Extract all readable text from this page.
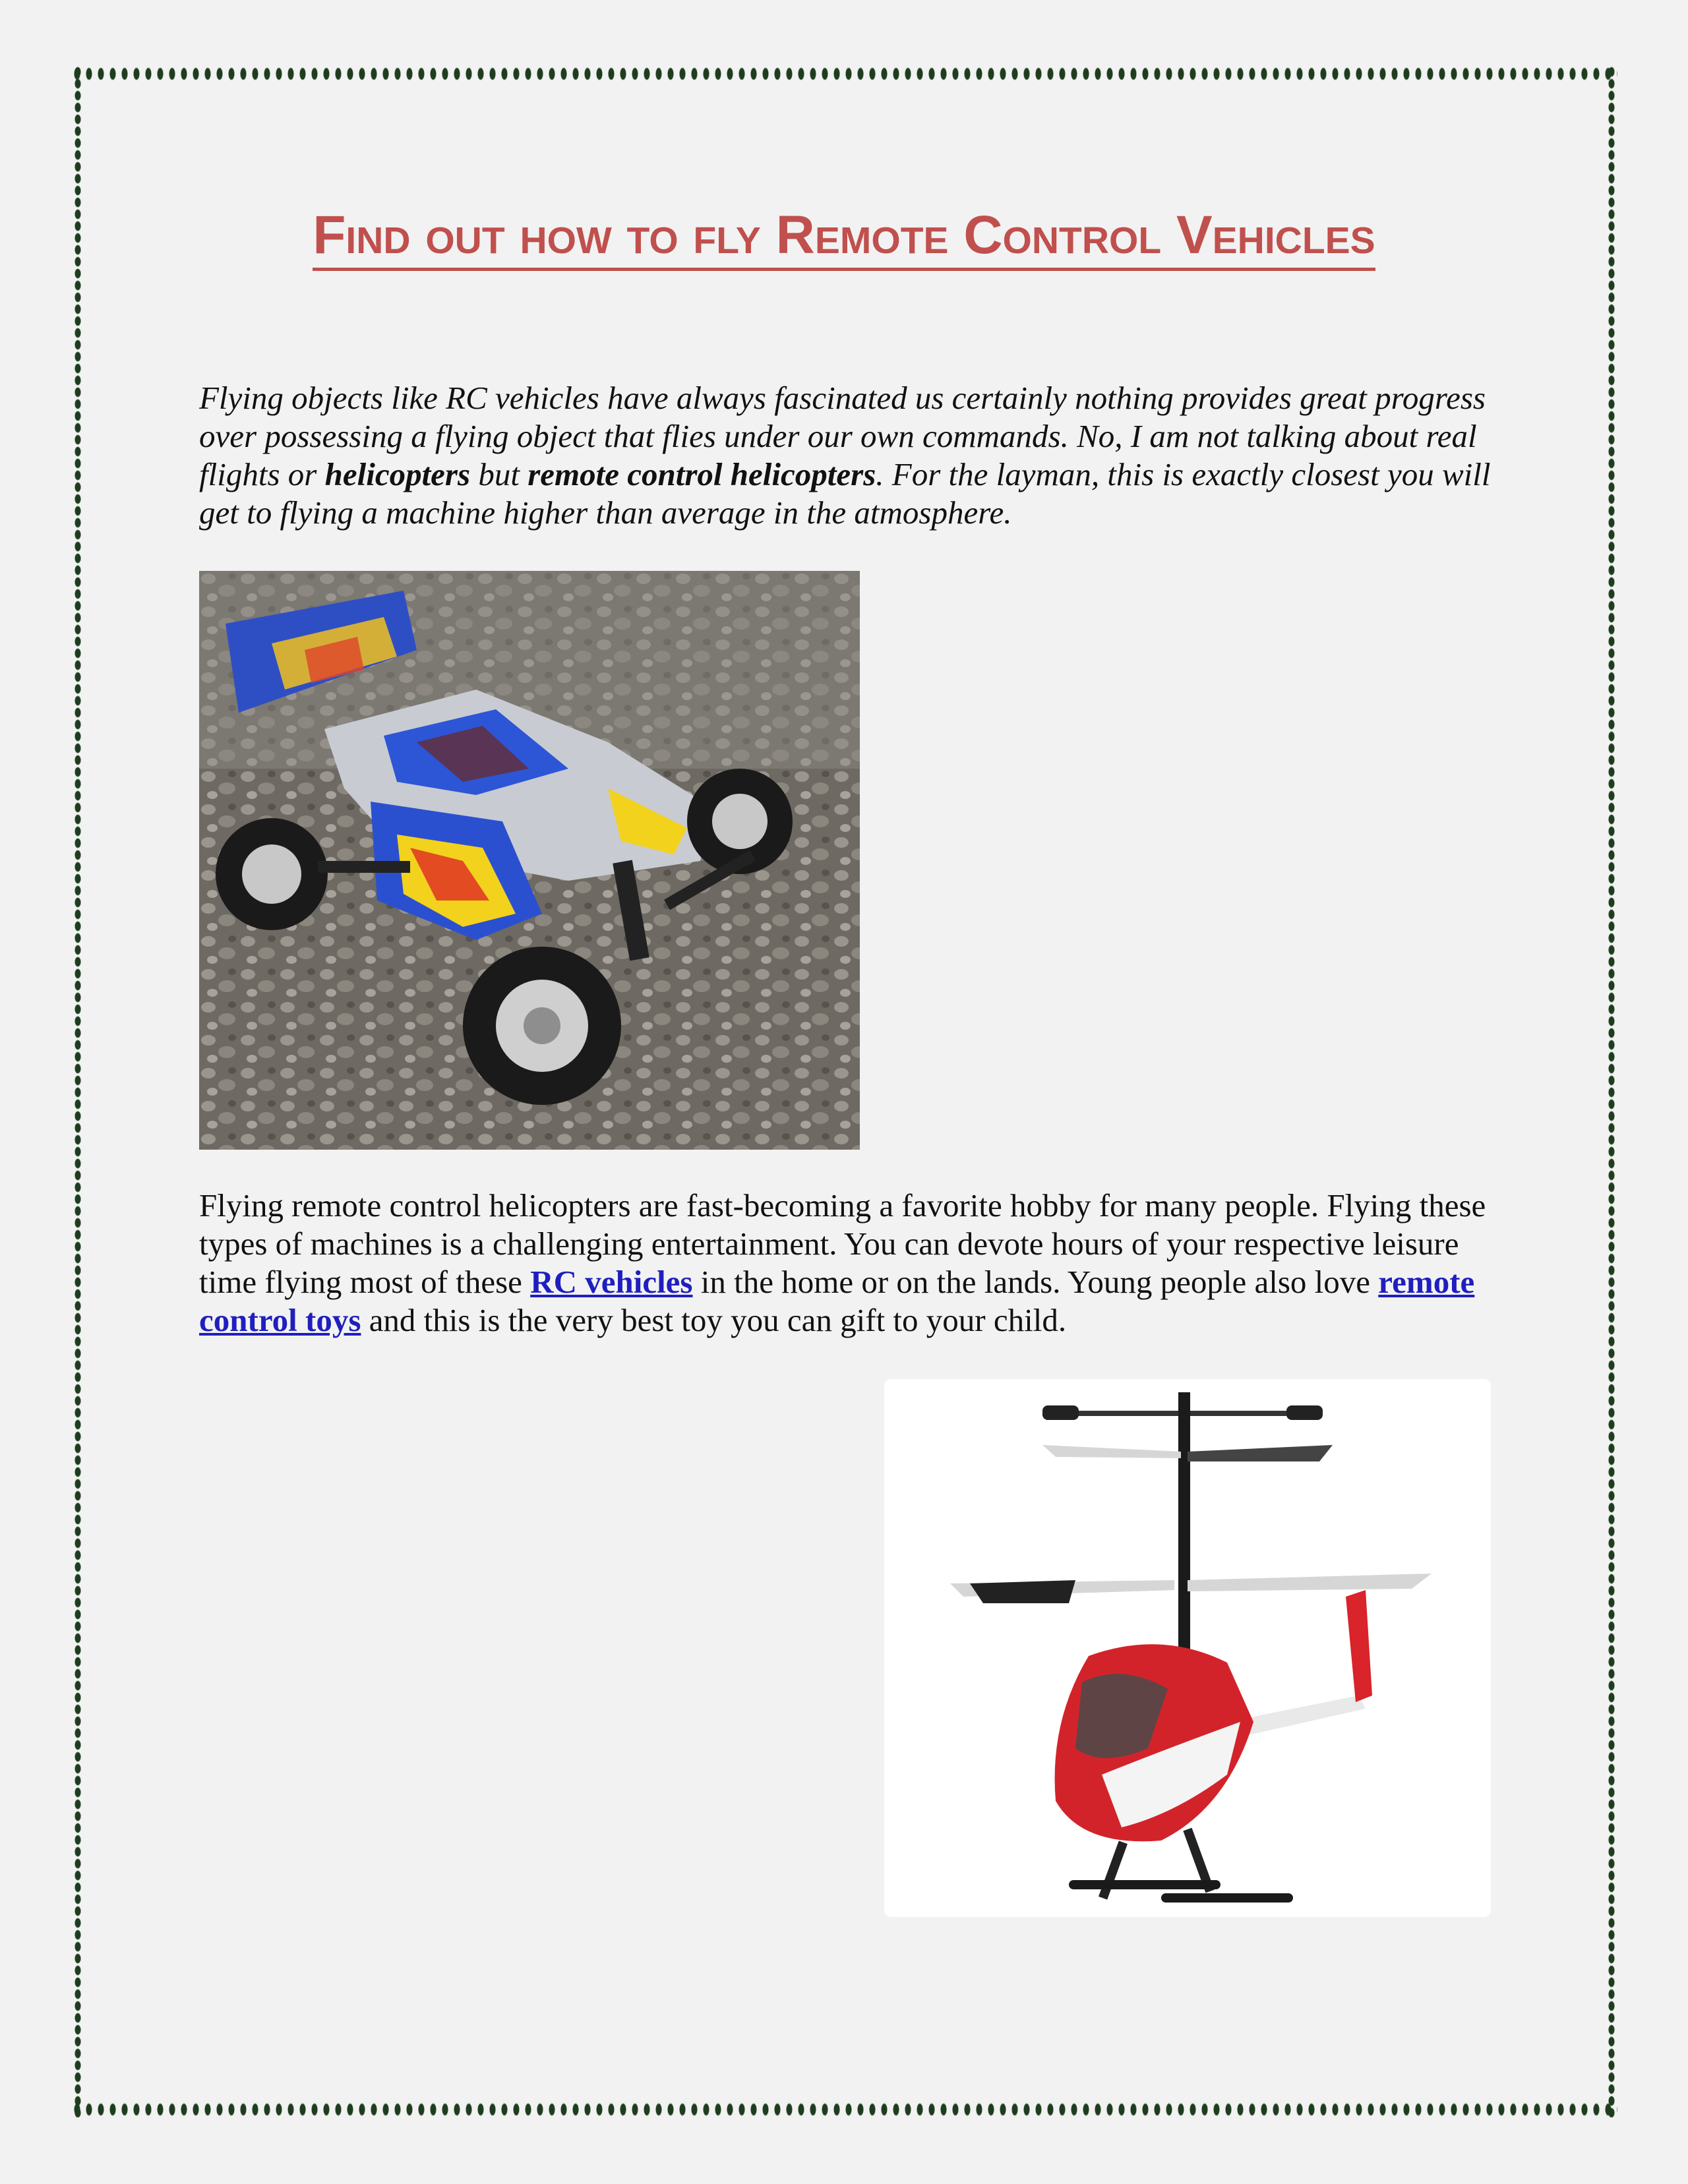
Find out how to fly Remote Control Vehicles

Flying objects like RC vehicles have always fascinated us certainly nothing provides great progress over possessing a flying object that flies under our own commands. No, I am not talking about real flights or helicopters but remote control helicopters. For the layman, this is exactly closest you will get to flying a machine higher than average in the atmosphere.

Flying remote control helicopters are fast-becoming a favorite hobby for many people. Flying these types of machines is a challenging entertainment. You can devote hours of your respective leisure time flying most of these RC vehicles in the home or on the lands. Young people also love remote control toys and this is the very best toy you can gift to your child.
